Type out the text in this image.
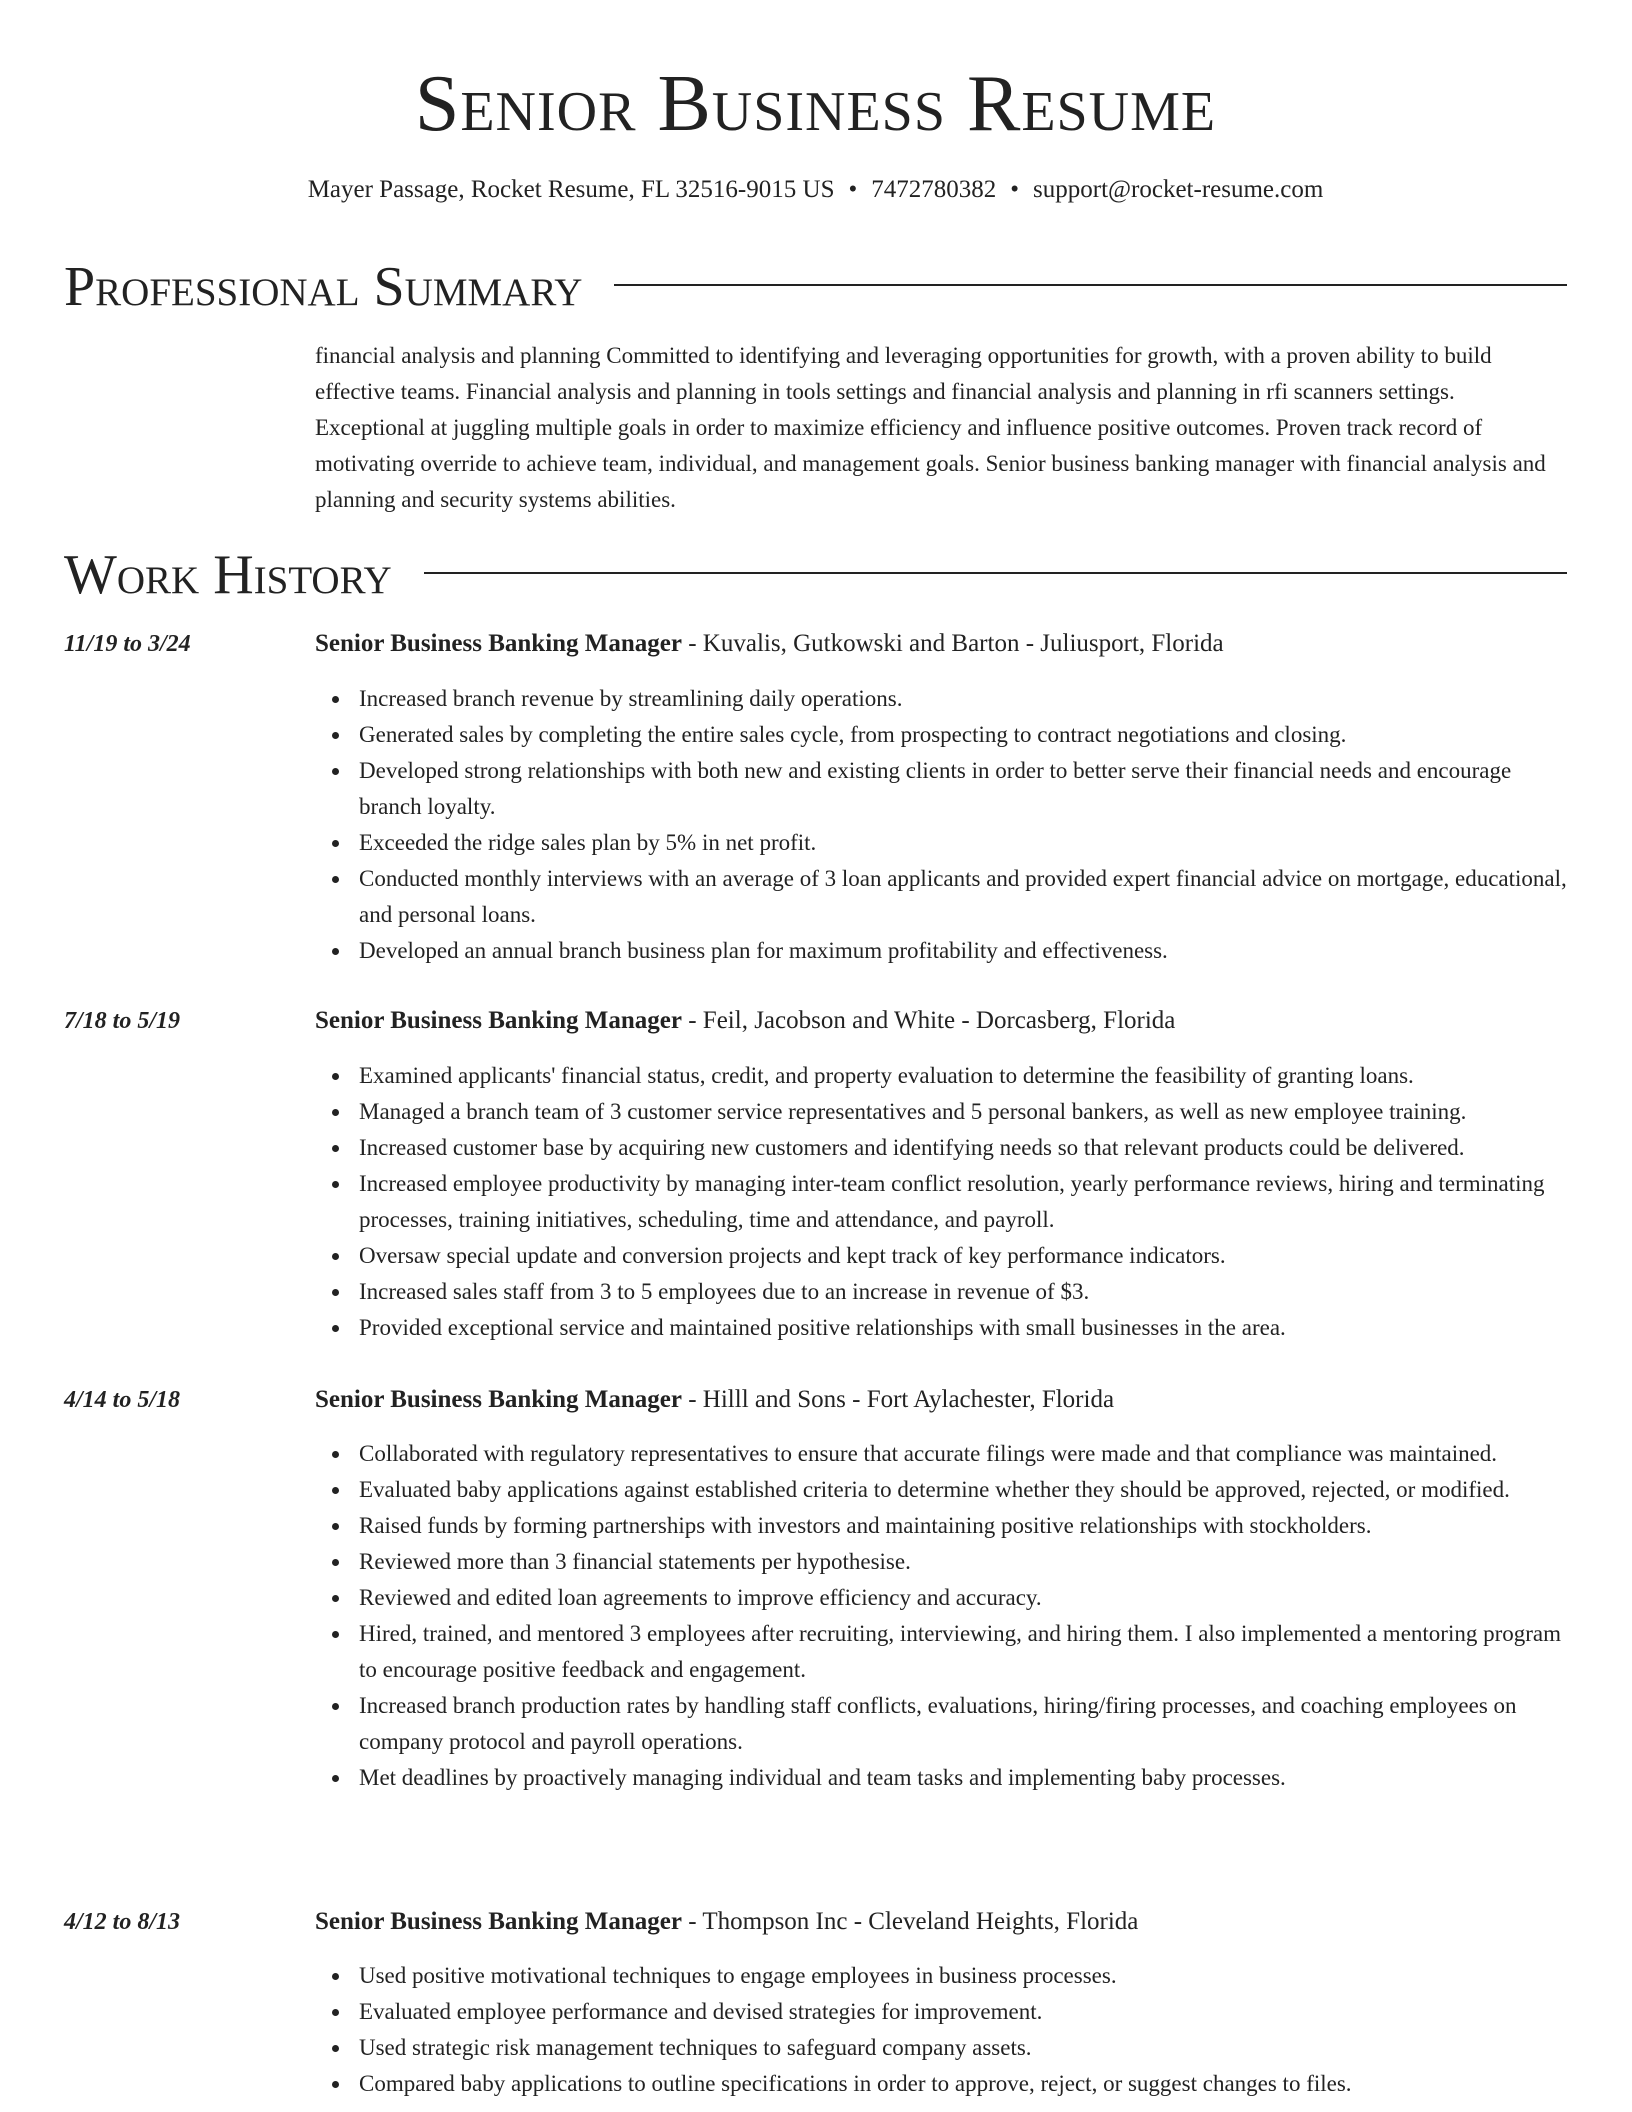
Senior Business Resume
Mayer Passage, Rocket Resume, FL 32516-9015 US • 7472780382 • support@rocket-resume.com
Professional Summary
financial analysis and planning Committed to identifying and leveraging opportunities for growth, with a proven ability to build effective teams. Financial analysis and planning in tools settings and financial analysis and planning in rfi scanners settings. Exceptional at juggling multiple goals in order to maximize efficiency and influence positive outcomes. Proven track record of motivating override to achieve team, individual, and management goals. Senior business banking manager with financial analysis and planning and security systems abilities.
Work History
11/19 to 3/24	Senior Business Banking Manager - Kuvalis, Gutkowski and Barton - Juliusport, Florida
Increased branch revenue by streamlining daily operations.
Generated sales by completing the entire sales cycle, from prospecting to contract negotiations and closing.
Developed strong relationships with both new and existing clients in order to better serve their financial needs and encourage branch loyalty.
Exceeded the ridge sales plan by 5% in net profit.
Conducted monthly interviews with an average of 3 loan applicants and provided expert financial advice on mortgage, educational, and personal loans.
Developed an annual branch business plan for maximum profitability and effectiveness.
7/18 to 5/19	Senior Business Banking Manager - Feil, Jacobson and White - Dorcasberg, Florida
Examined applicants' financial status, credit, and property evaluation to determine the feasibility of granting loans.
Managed a branch team of 3 customer service representatives and 5 personal bankers, as well as new employee training.
Increased customer base by acquiring new customers and identifying needs so that relevant products could be delivered.
Increased employee productivity by managing inter-team conflict resolution, yearly performance reviews, hiring and terminating processes, training initiatives, scheduling, time and attendance, and payroll.
Oversaw special update and conversion projects and kept track of key performance indicators.
Increased sales staff from 3 to 5 employees due to an increase in revenue of $3.
Provided exceptional service and maintained positive relationships with small businesses in the area.
4/14 to 5/18	Senior Business Banking Manager - Hilll and Sons - Fort Aylachester, Florida
Collaborated with regulatory representatives to ensure that accurate filings were made and that compliance was maintained.
Evaluated baby applications against established criteria to determine whether they should be approved, rejected, or modified.
Raised funds by forming partnerships with investors and maintaining positive relationships with stockholders.
Reviewed more than 3 financial statements per hypothesise.
Reviewed and edited loan agreements to improve efficiency and accuracy.
Hired, trained, and mentored 3 employees after recruiting, interviewing, and hiring them. I also implemented a mentoring program to encourage positive feedback and engagement.
Increased branch production rates by handling staff conflicts, evaluations, hiring/firing processes, and coaching employees on company protocol and payroll operations.
Met deadlines by proactively managing individual and team tasks and implementing baby processes.
4/12 to 8/13	Senior Business Banking Manager - Thompson Inc - Cleveland Heights, Florida
Used positive motivational techniques to engage employees in business processes.
Evaluated employee performance and devised strategies for improvement.
Used strategic risk management techniques to safeguard company assets.
Compared baby applications to outline specifications in order to approve, reject, or suggest changes to files.
